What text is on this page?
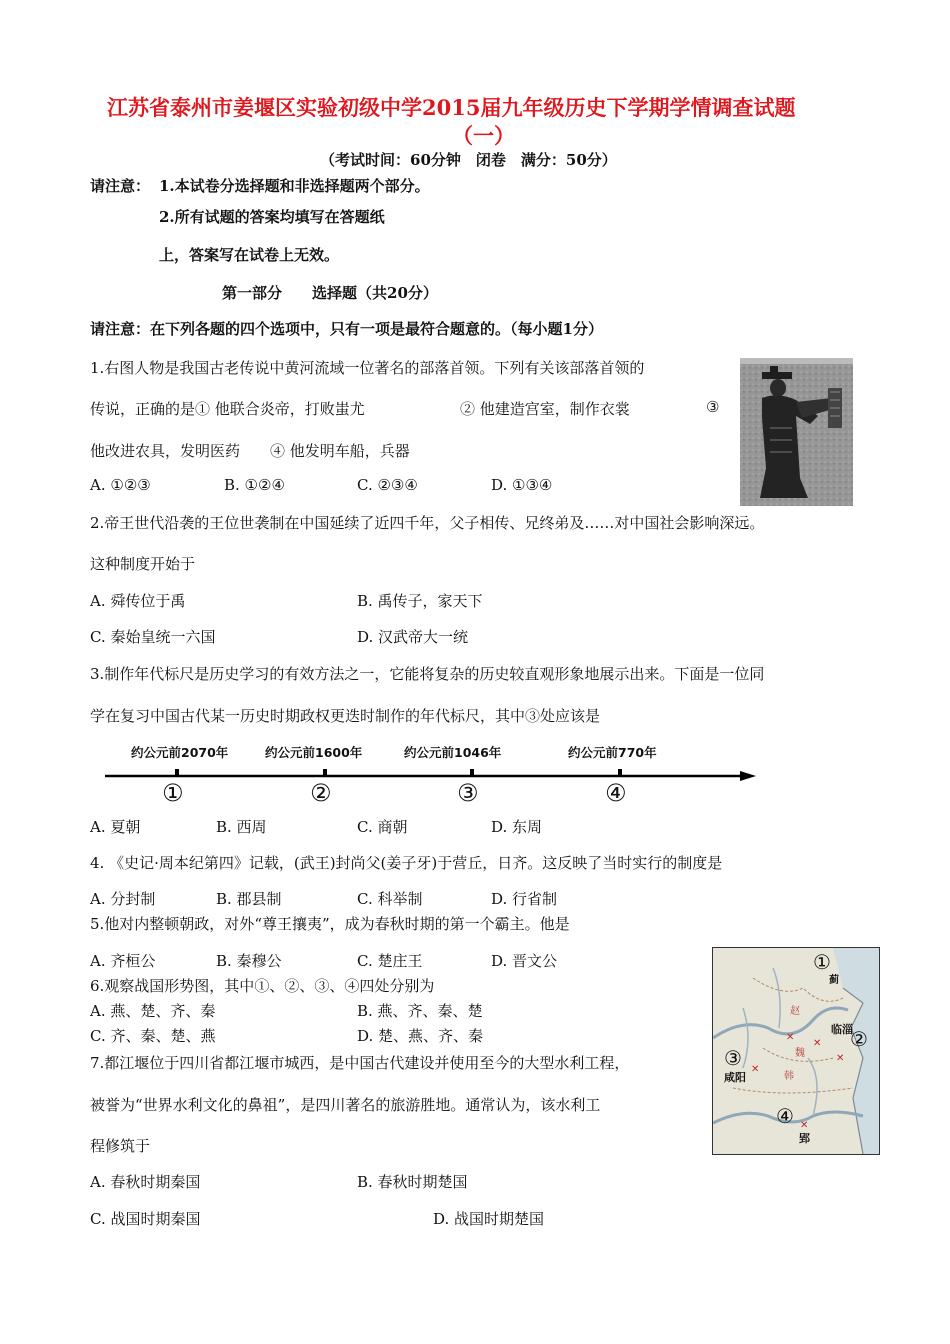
江苏省泰州市姜堰区实验初级中学2015届九年级历史下学期学情调查试题
（一）
（考试时间：60分钟　闭卷　满分：50分）
请注意： 1.本试卷分选择题和非选择题两个部分。
2.所有试题的答案均填写在答题纸
上，答案写在试卷上无效。
第一部分　　选择题（共20分）
请注意：在下列各题的四个选项中，只有一项是最符合题意的。（每小题1分）
1.右图人物是我国古老传说中黄河流域一位著名的部落首领。下列有关该部落首领的
传说，正确的是① 他联合炎帝，打败蚩尤	② 他建造宫室，制作衣裳	③
他改进农具，发明医药　　④ 他发明车船，兵器
A. ①②③	B. ①②④	C. ②③④	D. ①③④
2.帝王世代沿袭的王位世袭制在中国延续了近四千年，父子相传、兄终弟及……对中国社会影响深远。
这种制度开始于
A. 舜传位于禹	B. 禹传子，家天下
C. 秦始皇统一六国	D. 汉武帝大一统
3.制作年代标尺是历史学习的有效方法之一，它能将复杂的历史较直观形象地展示出来。下面是一位同
学在复习中国古代某一历史时期政权更迭时制作的年代标尺，其中③处应该是
约公元前2070年	约公元前1600年	约公元前1046年	约公元前770年
①	②	③	④
A. 夏朝	B. 西周	C. 商朝	D. 东周
4. 《史记·周本纪第四》记载，(武王)封尚父(姜子牙)于营丘，日齐。这反映了当时实行的制度是
A. 分封制	B. 郡县制	C. 科举制	D. 行省制
5.他对内整顿朝政，对外“尊王攘夷”，成为春秋时期的第一个霸主。他是
A. 齐桓公	B. 秦穆公	C. 楚庄王	D. 晋文公
6.观察战国形势图，其中①、②、③、④四处分别为
A. 燕、楚、齐、秦	B. 燕、齐、秦、楚
C. 齐、秦、楚、燕	D. 楚、燕、齐、秦	✕
✕
✕
✕
✕
①
②
③
④
蓟
临淄
咸阳
郢
赵
魏
韩
7.都江堰位于四川省都江堰市城西，是中国古代建设并使用至今的大型水利工程，
被誉为“世界水利文化的鼻祖”，是四川著名的旅游胜地。通常认为，该水利工
程修筑于
A. 春秋时期秦国	B. 春秋时期楚国
C. 战国时期秦国	D. 战国时期楚国
